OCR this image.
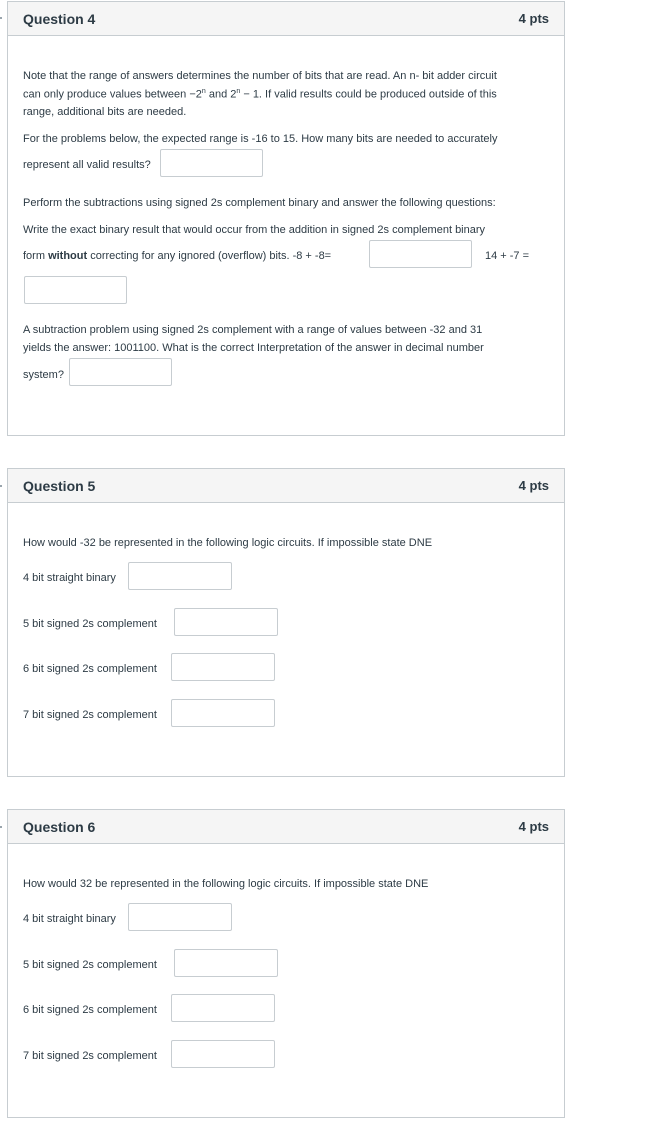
Question 4	4 pts
Note that the range of answers determines the number of bits that are read. An n- bit adder circuit
can only produce values between $-2^n$ and $2^n - 1$. If valid results could be produced outside of this
range, additional bits are needed.
For the problems below, the expected range is -16 to 15. How many bits are needed to accurately
represent all valid results?
Perform the subtractions using signed 2s complement binary and answer the following questions:
Write the exact binary result that would occur from the addition in signed 2s complement binary
form without correcting for any ignored (overflow) bits. -8 + -8=	14 + -7 =
A subtraction problem using signed 2s complement with a range of values between -32 and 31
yields the answer: 1001100. What is the correct Interpretation of the answer in decimal number
system?
Question 5	4 pts
How would -32 be represented in the following logic circuits. If impossible state DNE
4 bit straight binary
5 bit signed 2s complement
6 bit signed 2s complement
7 bit signed 2s complement
Question 6	4 pts
How would 32 be represented in the following logic circuits. If impossible state DNE
4 bit straight binary
5 bit signed 2s complement
6 bit signed 2s complement
7 bit signed 2s complement
